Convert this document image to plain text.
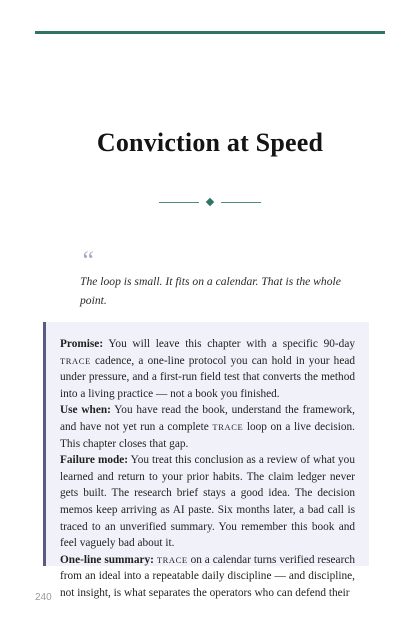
Conviction at Speed
“

The loop is small. It fits on a calendar. That is the whole point.

Promise: You will leave this chapter with a specific 90-day TRACE cadence, a one-line protocol you can hold in your head under pressure, and a first-run field test that converts the method into a living practice — not a book you finished.

Use when: You have read the book, understand the framework, and have not yet run a complete TRACE loop on a live decision. This chapter closes that gap.

Failure mode: You treat this conclusion as a review of what you learned and return to your prior habits. The claim ledger never gets built. The research brief stays a good idea. The decision memos keep arriving as AI paste. Six months later, a bad call is traced to an unverified summary. You remember this book and feel vaguely bad about it.

One-line summary: TRACE on a calendar turns verified research from an ideal into a repeatable daily discipline — and discipline, not insight, is what separates the operators who can defend their

240
